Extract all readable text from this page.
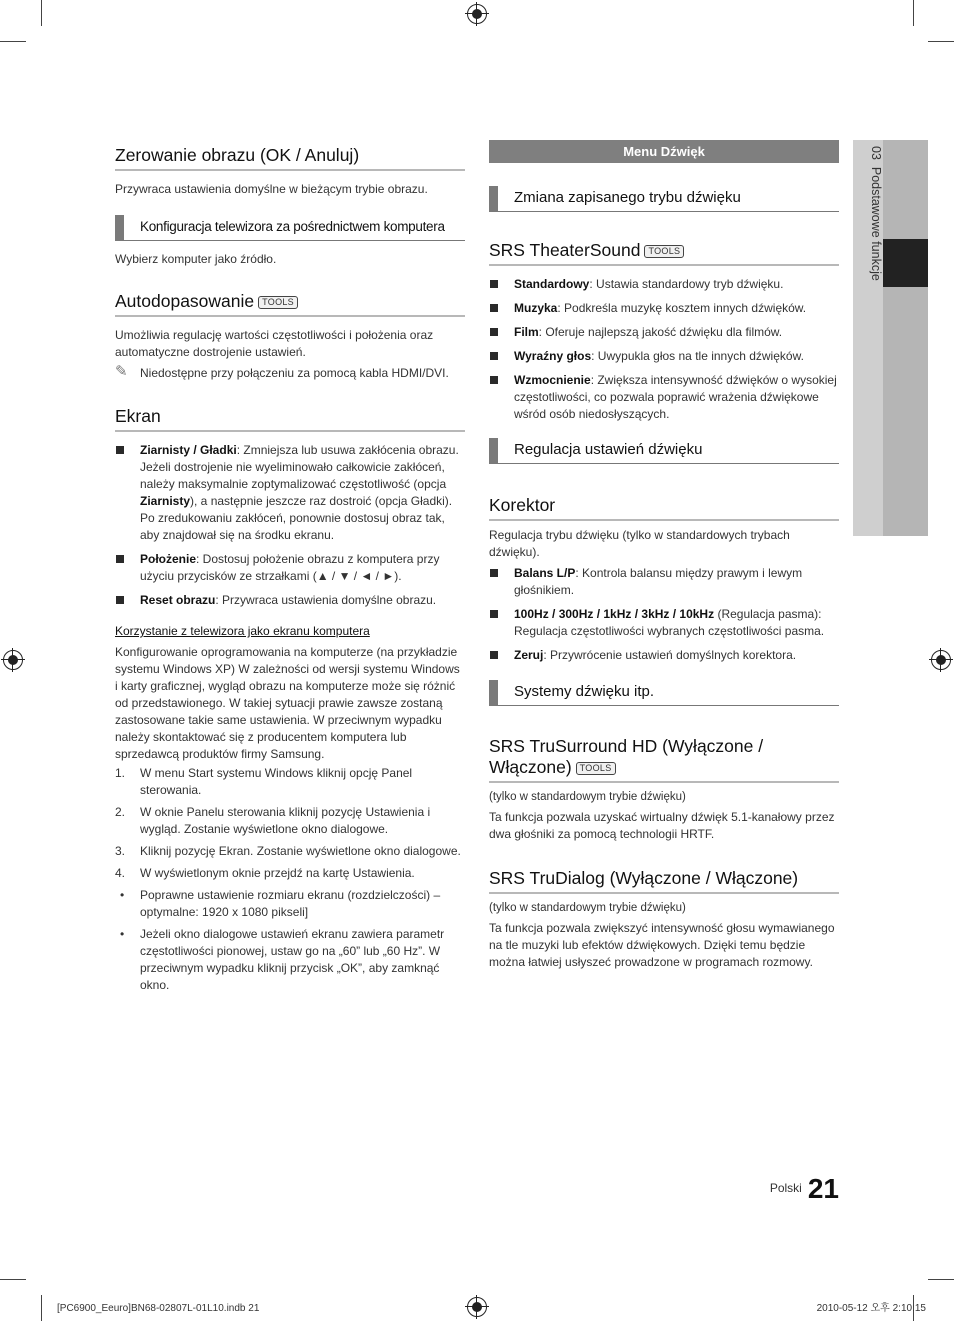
03  Podstawowe funkcje
Zerowanie obrazu (OK / Anuluj)

Przywraca ustawienia domyślne w bieżącym trybie obrazu.

Konfiguracja telewizora za pośrednictwem komputera

Wybierz komputer jako źródło.

Autodopasowanie TOOLS

Umożliwia regulację wartości częstotliwości i położenia oraz automatyczne dostrojenie ustawień.

✎ Niedostępne przy połączeniu za pomocą kabla HDMI/DVI.
Ekran
Ziarnisty / Gładki: Zmniejsza lub usuwa zakłócenia obrazu. Jeżeli dostrojenie nie wyeliminowało całkowicie zakłóceń, należy maksymalnie zoptymalizować częstotliwość (opcja Ziarnisty), a następnie jeszcze raz dostroić (opcja Gładki). Po zredukowaniu zakłóceń, ponownie dostosuj obraz tak, aby znajdował się na środku ekranu.
Położenie: Dostosuj położenie obrazu z komputera przy użyciu przycisków ze strzałkami (▲ / ▼ / ◄ / ►).
Reset obrazu: Przywraca ustawienia domyślne obrazu.
Korzystanie z telewizora jako ekranu komputera

Konfigurowanie oprogramowania na komputerze (na przykładzie systemu Windows XP) W zależności od wersji systemu Windows i karty graficznej, wygląd obrazu na komputerze może się różnić od przedstawionego. W takiej sytuacji prawie zawsze zostaną zastosowane takie same ustawienia. W przeciwnym wypadku należy skontaktować się z producentem komputera lub sprzedawcą produktów firmy Samsung.

1. W menu Start systemu Windows kliknij opcję Panel sterowania.
2. W oknie Panelu sterowania kliknij pozycję Ustawienia i wygląd. Zostanie wyświetlone okno dialogowe.
3. Kliknij pozycję Ekran. Zostanie wyświetlone okno dialogowe.
4. W wyświetlonym oknie przejdź na kartę Ustawienia.
• Poprawne ustawienie rozmiaru ekranu (rozdzielczości) – optymalne: 1920 x 1080 pikseli]
• Jeżeli okno dialogowe ustawień ekranu zawiera parametr częstotliwości pionowej, ustaw go na „60” lub „60 Hz”. W przeciwnym wypadku kliknij przycisk „OK”, aby zamknąć okno.
Menu Dźwięk
Zmiana zapisanego trybu dźwięku
SRS TheaterSound TOOLS
Standardowy: Ustawia standardowy tryb dźwięku.
Muzyka: Podkreśla muzykę kosztem innych dźwięków.
Film: Oferuje najlepszą jakość dźwięku dla filmów.
Wyraźny głos: Uwypukla głos na tle innych dźwięków.
Wzmocnienie: Zwiększa intensywność dźwięków o wysokiej częstotliwości, co pozwala poprawić wrażenia dźwiękowe wśród osób niedosłyszących.
Regulacja ustawień dźwięku
Korektor

Regulacja trybu dźwięku (tylko w standardowych trybach dźwięku).

Balans L/P: Kontrola balansu między prawym i lewym głośnikiem.
100Hz / 300Hz / 1kHz / 3kHz / 10kHz (Regulacja pasma): Regulacja częstotliwości wybranych częstotliwości pasma.
Zeruj: Przywrócenie ustawień domyślnych korektora.
Systemy dźwięku itp.
SRS TruSurround HD (Wyłączone / Włączone) TOOLS

(tylko w standardowym trybie dźwięku)

Ta funkcja pozwala uzyskać wirtualny dźwięk 5.1-kanałowy przez dwa głośniki za pomocą technologii HRTF.

SRS TruDialog (Wyłączone / Włączone)

(tylko w standardowym trybie dźwięku)

Ta funkcja pozwala zwiększyć intensywność głosu wymawianego na tle muzyki lub efektów dźwiękowych. Dzięki temu będzie można łatwiej usłyszeć prowadzone w programach rozmowy.

Polski 21
[PC6900_Eeuro]BN68-02807L-01L10.indb 21	2010-05-12 오후 2:10:15
